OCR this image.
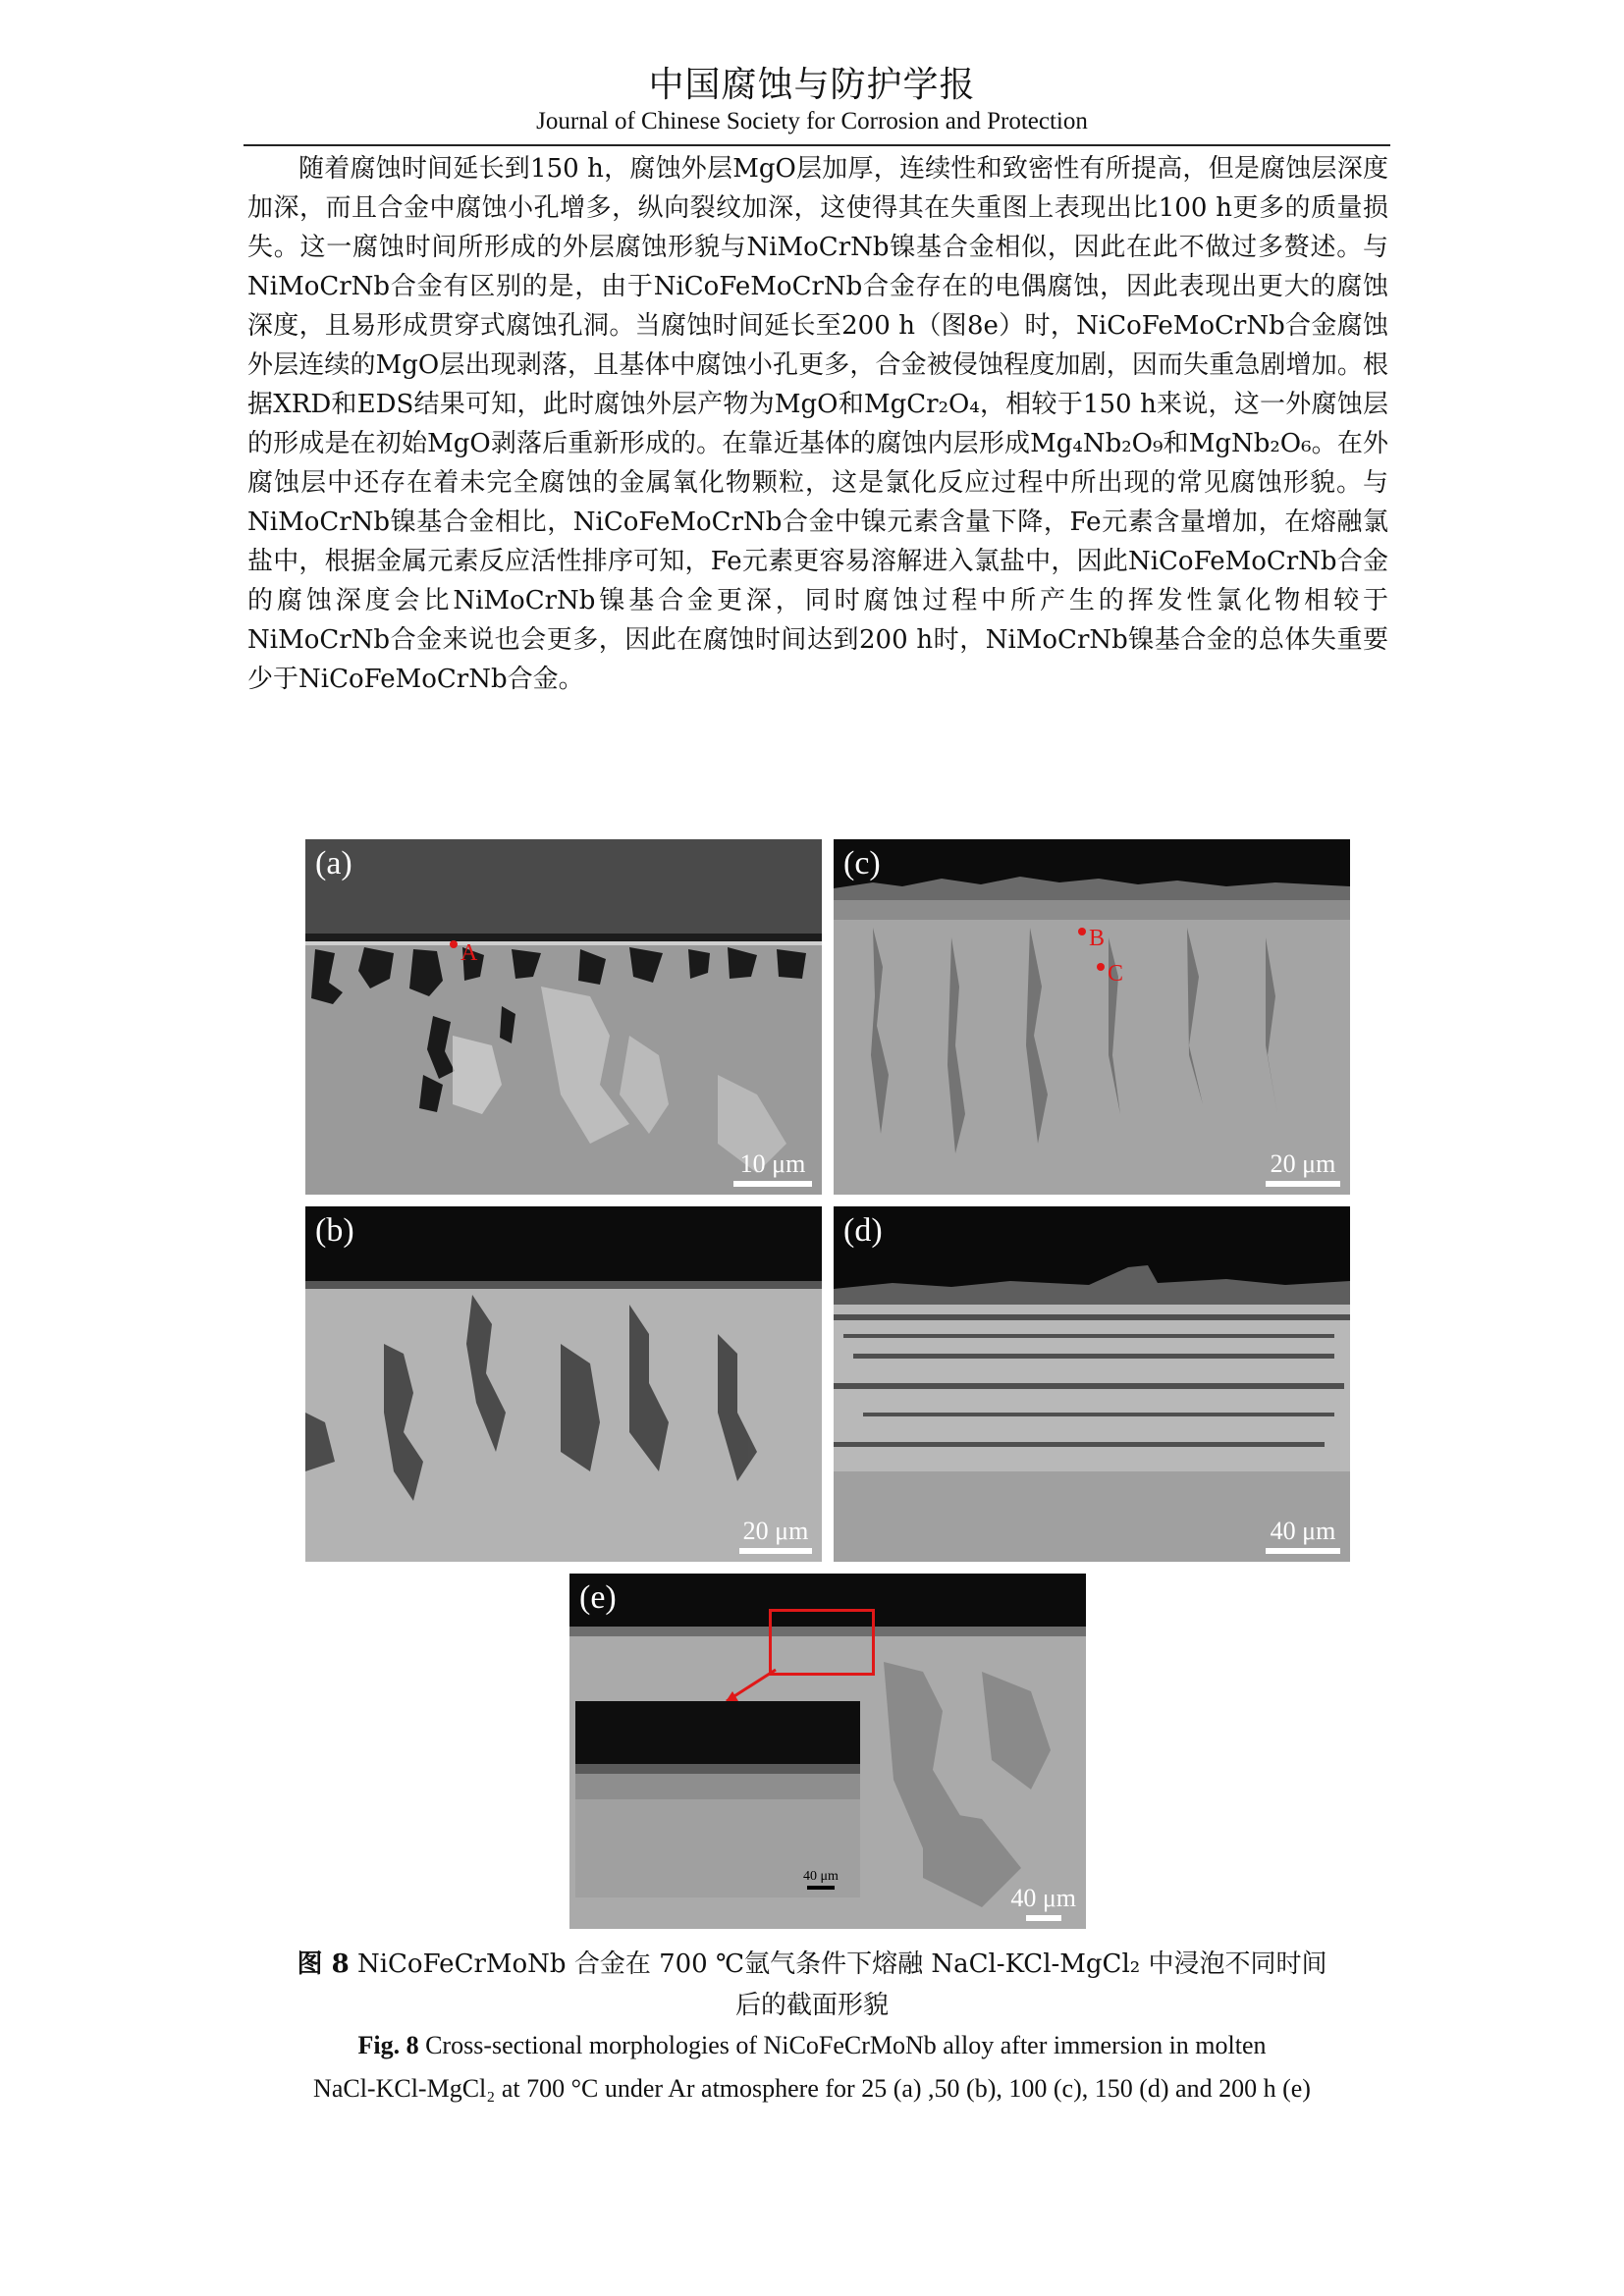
中国腐蚀与防护学报
Journal of Chinese Society for Corrosion and Protection

随着腐蚀时间延长到150 h，腐蚀外层MgO层加厚，连续性和致密性有所提高，但是腐蚀层深度加深，而且合金中腐蚀小孔增多，纵向裂纹加深，这使得其在失重图上表现出比100 h更多的质量损失。这一腐蚀时间所形成的外层腐蚀形貌与NiMoCrNb镍基合金相似，因此在此不做过多赘述。与NiMoCrNb合金有区别的是，由于NiCoFeMoCrNb合金存在的电偶腐蚀，因此表现出更大的腐蚀深度，且易形成贯穿式腐蚀孔洞。当腐蚀时间延长至200 h（图8e）时，NiCoFeMoCrNb合金腐蚀外层连续的MgO层出现剥落，且基体中腐蚀小孔更多，合金被侵蚀程度加剧，因而失重急剧增加。根据XRD和EDS结果可知，此时腐蚀外层产物为MgO和MgCr₂O₄，相较于150 h来说，这一外腐蚀层的形成是在初始MgO剥落后重新形成的。在靠近基体的腐蚀内层形成Mg₄Nb₂O₉和MgNb₂O₆。在外腐蚀层中还存在着未完全腐蚀的金属氧化物颗粒，这是氯化反应过程中所出现的常见腐蚀形貌。与NiMoCrNb镍基合金相比，NiCoFeMoCrNb合金中镍元素含量下降，Fe元素含量增加，在熔融氯盐中，根据金属元素反应活性排序可知，Fe元素更容易溶解进入氯盐中，因此NiCoFeMoCrNb合金的腐蚀深度会比NiMoCrNb镍基合金更深，同时腐蚀过程中所产生的挥发性氯化物相较于NiMoCrNb合金来说也会更多，因此在腐蚀时间达到200 h时，NiMoCrNb镍基合金的总体失重要少于NiCoFeMoCrNb合金。

(a)
A
10 μm
(c)
B
C
20 μm
(b)
20 μm
(d)
40 μm
40 μm
(e)
40 μm
图 8 NiCoFeCrMoNb 合金在 700 ℃氩气条件下熔融 NaCl-KCl-MgCl₂ 中浸泡不同时间
后的截面形貌
Fig. 8 Cross-sectional morphologies of NiCoFeCrMoNb alloy after immersion in molten
NaCl-KCl-MgCl₂ at 700 °C under Ar atmosphere for 25 (a) ,50 (b), 100 (c), 150 (d) and 200 h (e)
